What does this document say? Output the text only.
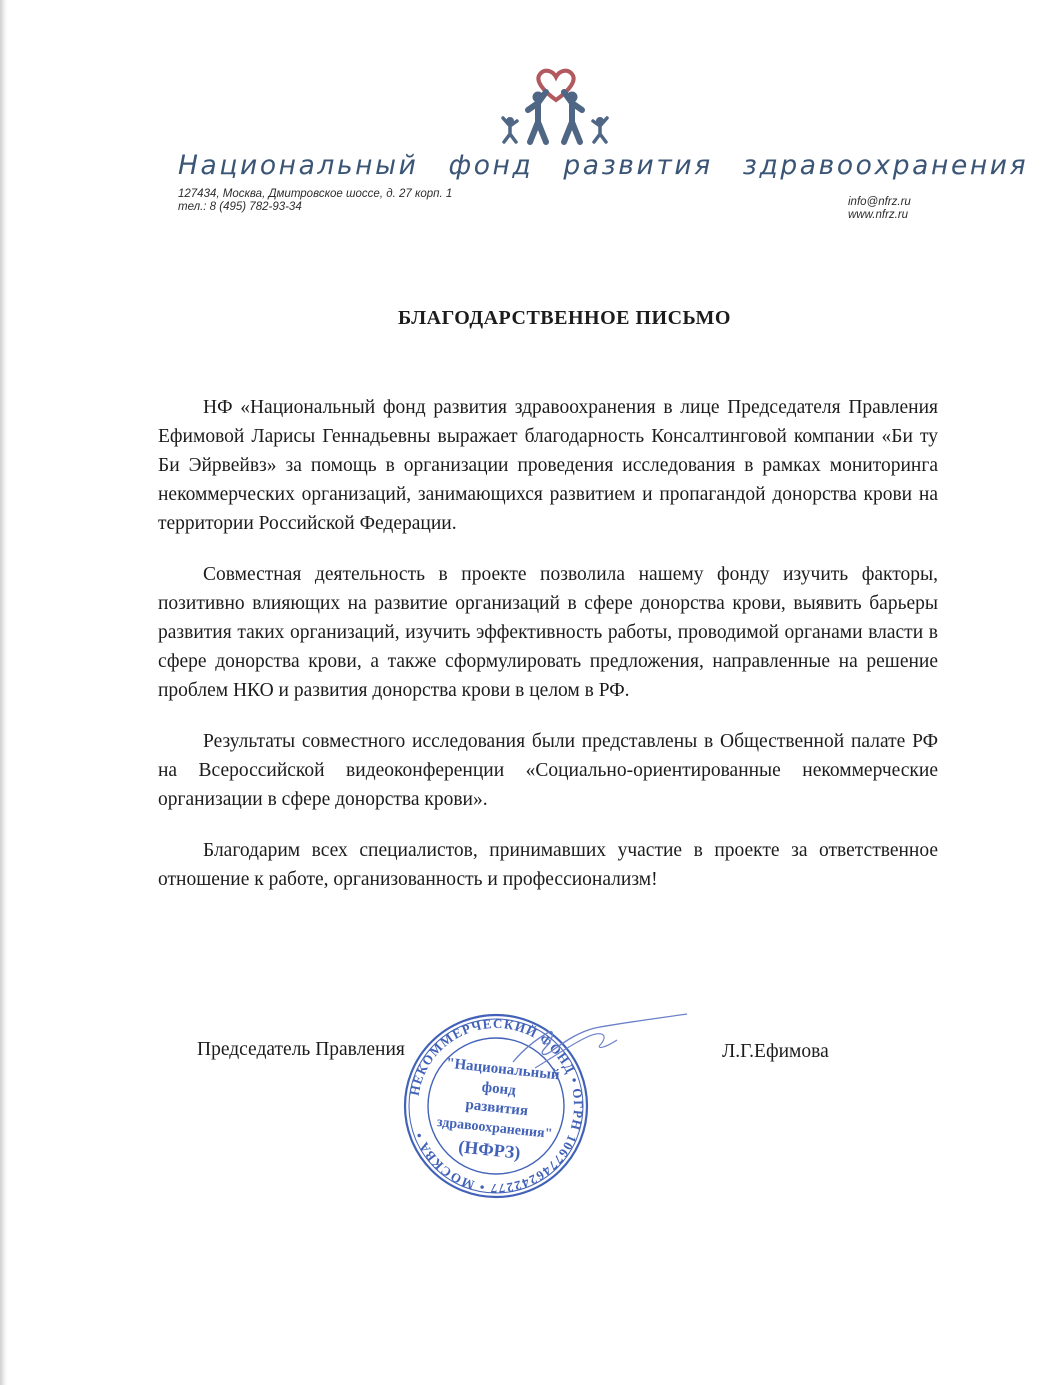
Национальный фонд развития здравоохранения
127434, Москва, Дмитровское шоссе, д. 27 корп. 1
тел.: 8 (495) 782-93-34	info@nfrz.ru
www.nfrz.ru
БЛАГОДАРСТВЕННОЕ ПИСЬМО

НФ «Национальный фонд развития здравоохранения в лице Председателя Правления Ефимовой Ларисы Геннадьевны выражает благодарность Консалтинговой компании «Би ту Би Эйрвейвз» за помощь в организации проведения исследования в рамках мониторинга некоммерческих организаций, занимающихся развитием и пропагандой донорства крови на территории Российской Федерации.

Совместная деятельность в проекте позволила нашему фонду изучить факторы, позитивно влияющих на развитие организаций в сфере донорства крови, выявить барьеры развития таких организаций, изучить эффективность работы, проводимой органами власти в сфере донорства крови, а также сформулировать предложения, направленные на решение проблем НКО и развития донорства крови в целом в РФ.

Результаты совместного исследования были представлены в Общественной палате РФ на Всероссийской видеоконференции «Социально-ориентированные некоммерческие организации в сфере донорства крови».

Благодарим всех специалистов, принимавших участие в проекте за ответственное отношение к работе, организованность и профессионализм!

Председатель Правления	Л.Г.Ефимова
НЕКОММЕРЧЕСКИЙ ФОНД • ОГРН 1067746242277 • МОСКВА •
"Национальный
фонд
развития
здравоохранения"
(НФРЗ)
